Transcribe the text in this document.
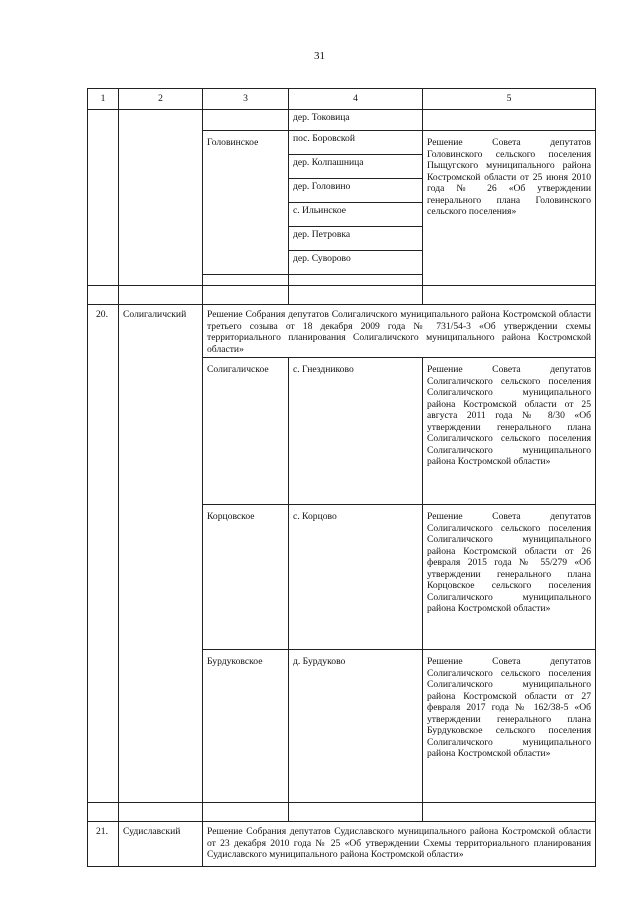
31
1	2	3	4	5
			дер. Токовица	
		Головинское	пос. Боровской	Решение Совета депутатов Головинского сельского поселения Пыщугского муниципального района Костромской области от 25 июня 2010 года № 26 «Об утверждении генерального плана Головинского сельского поселения»
			дер. Колпашница	
			дер. Головино	
			с. Ильинское	
			дер. Петровка	
			дер. Суворово	

20.	Солигаличский	Решение Собрания депутатов Солигаличского муниципального района Костромской области третьего созыва от 18 декабря 2009 года № 731/54-3 «Об утверждении схемы территориального планирования Солигаличского муниципального района Костромской области»		
		Солигаличское	с. Гнездниково	Решение Совета депутатов Солигаличского сельского поселения Солигаличского муниципального района Костромской области от 25 августа 2011 года № 8/30 «Об утверждении генерального плана Солигаличского сельского поселения Солигаличского муниципального района Костромской области»
		Корцовское	с. Корцово	Решение Совета депутатов Солигаличского сельского поселения Солигаличского муниципального района Костромской области от 26 февраля 2015 года № 55/279 «Об утверждении генерального плана Корцовское сельского поселения Солигаличского муниципального района Костромской области»
		Бурдуковское	д. Бурдуково	Решение Совета депутатов Солигаличского сельского поселения Солигаличского муниципального района Костромской области от 27 февраля 2017 года № 162/38-5 «Об утверждении генерального плана Бурдуковское сельского поселения Солигаличского муниципального района Костромской области»

21.	Судиславский	Решение Собрания депутатов Судиславского муниципального района Костромской области от 23 декабря 2010 года № 25 «Об утверждении Схемы территориального планирования Судиславского муниципального района Костромской области»		
